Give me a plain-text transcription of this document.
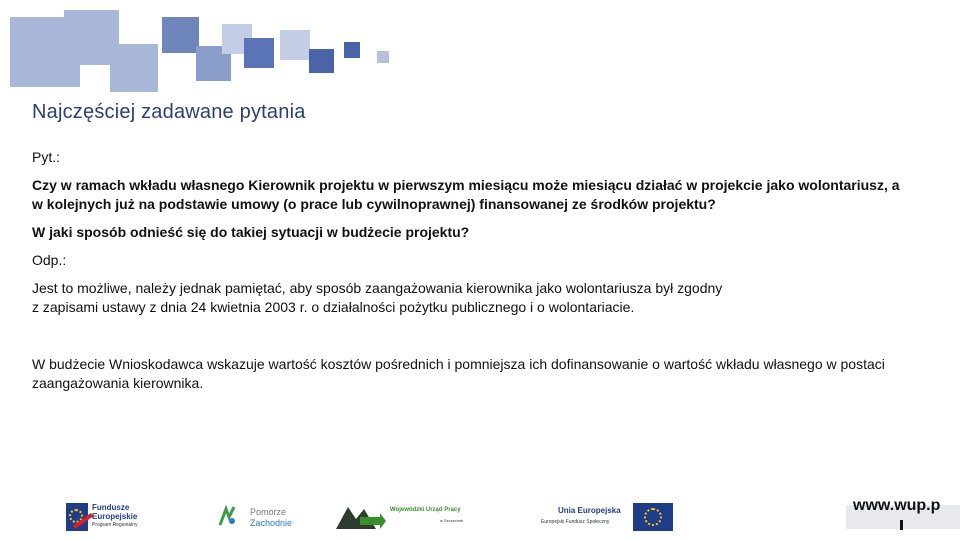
Najczęściej zadawane pytania

Pyt.:

Czy w ramach wkładu własnego Kierownik projektu w pierwszym miesiącu może miesiącu działać w projekcie jako wolontariusz, a w kolejnych już na podstawie umowy (o prace lub cywilnoprawnej) finansowanej ze środków projektu?

W jaki sposób odnieść się do takiej sytuacji w budżecie projektu?

Odp.:

Jest to możliwe, należy jednak pamiętać, aby sposób zaangażowania kierownika jako wolontariusza był zgodny

z zapisami ustawy z dnia 24 kwietnia 2003 r. o działalności pożytku publicznego i o wolontariacie.

W budżecie Wnioskodawca wskazuje wartość kosztów pośrednich i pomniejsza ich dofinansowanie o wartość wkładu własnego w postaci zaangażowania kierownika.

Fundusze Europejskie
Program Regionalny
Pomorze
Zachodnie
Wojewódzki Urząd Pracy
w Szczecinie
Unia Europejska
Europejski Fundusz Społeczny
www.wup.p
